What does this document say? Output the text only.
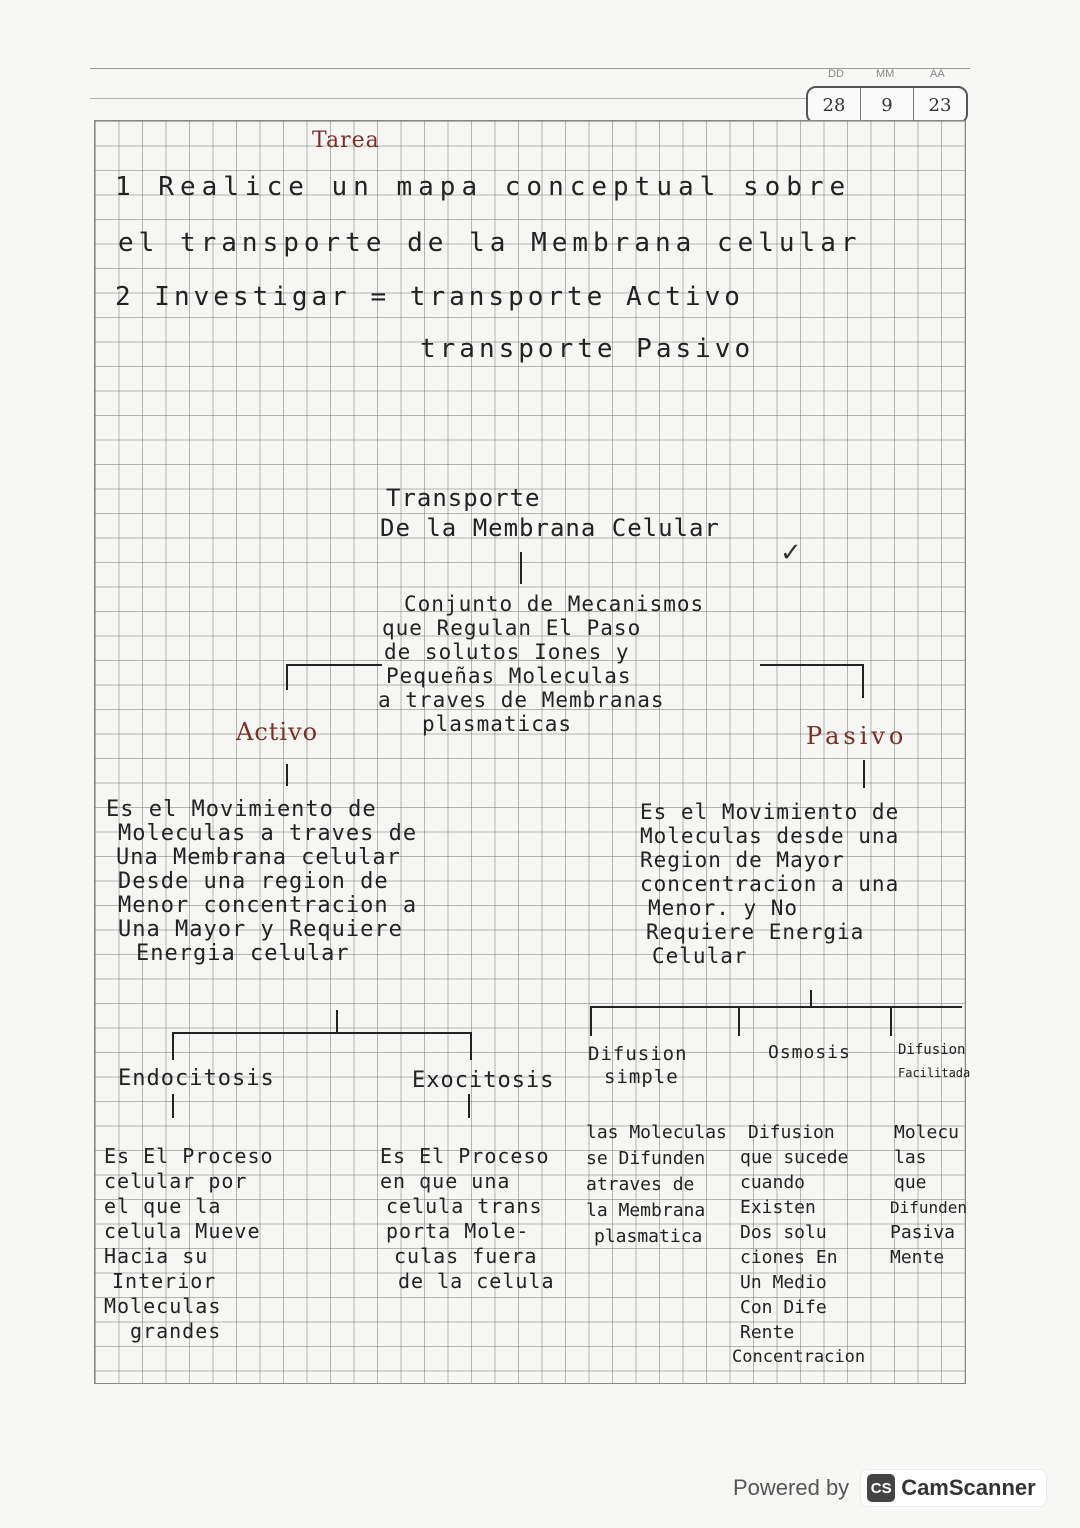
DD	MM	AA
28	9	23
Tarea
1 Realice un mapa conceptual sobre
el transporte de la Membrana celular
2 Investigar = transporte Activo
transporte Pasivo
Transporte
De la Membrana Celular
✓
Conjunto de Mecanismos
que Regulan El Paso
de solutos Iones y
Pequeñas Moleculas
a traves de Membranas
plasmaticas
Activo	Pasivo
Es el Movimiento de
Moleculas a traves de
Una Membrana celular
Desde una region de
Menor concentracion a
Una Mayor y Requiere
Energia celular
Es el Movimiento de
Moleculas desde una
Region de Mayor
concentracion a una
Menor. y No
Requiere Energia
Celular
Endocitosis	Exocitosis
Difusion
simple
Osmosis	Difusion
Facilitada
Es El Proceso
celular por
el que la
celula Mueve
Hacia su
Interior
Moleculas
grandes
Es El Proceso
en que una
celula trans
porta Mole-
culas fuera
de la celula
las Moleculas
se Difunden
atraves de
la Membrana
plasmatica
Difusion
que sucede
cuando
Existen
Dos solu
ciones En
Un Medio
Con Dife
Rente
Concentracion
Molecu
las
que
Difunden
Pasiva
Mente
Powered by CS CamScanner
